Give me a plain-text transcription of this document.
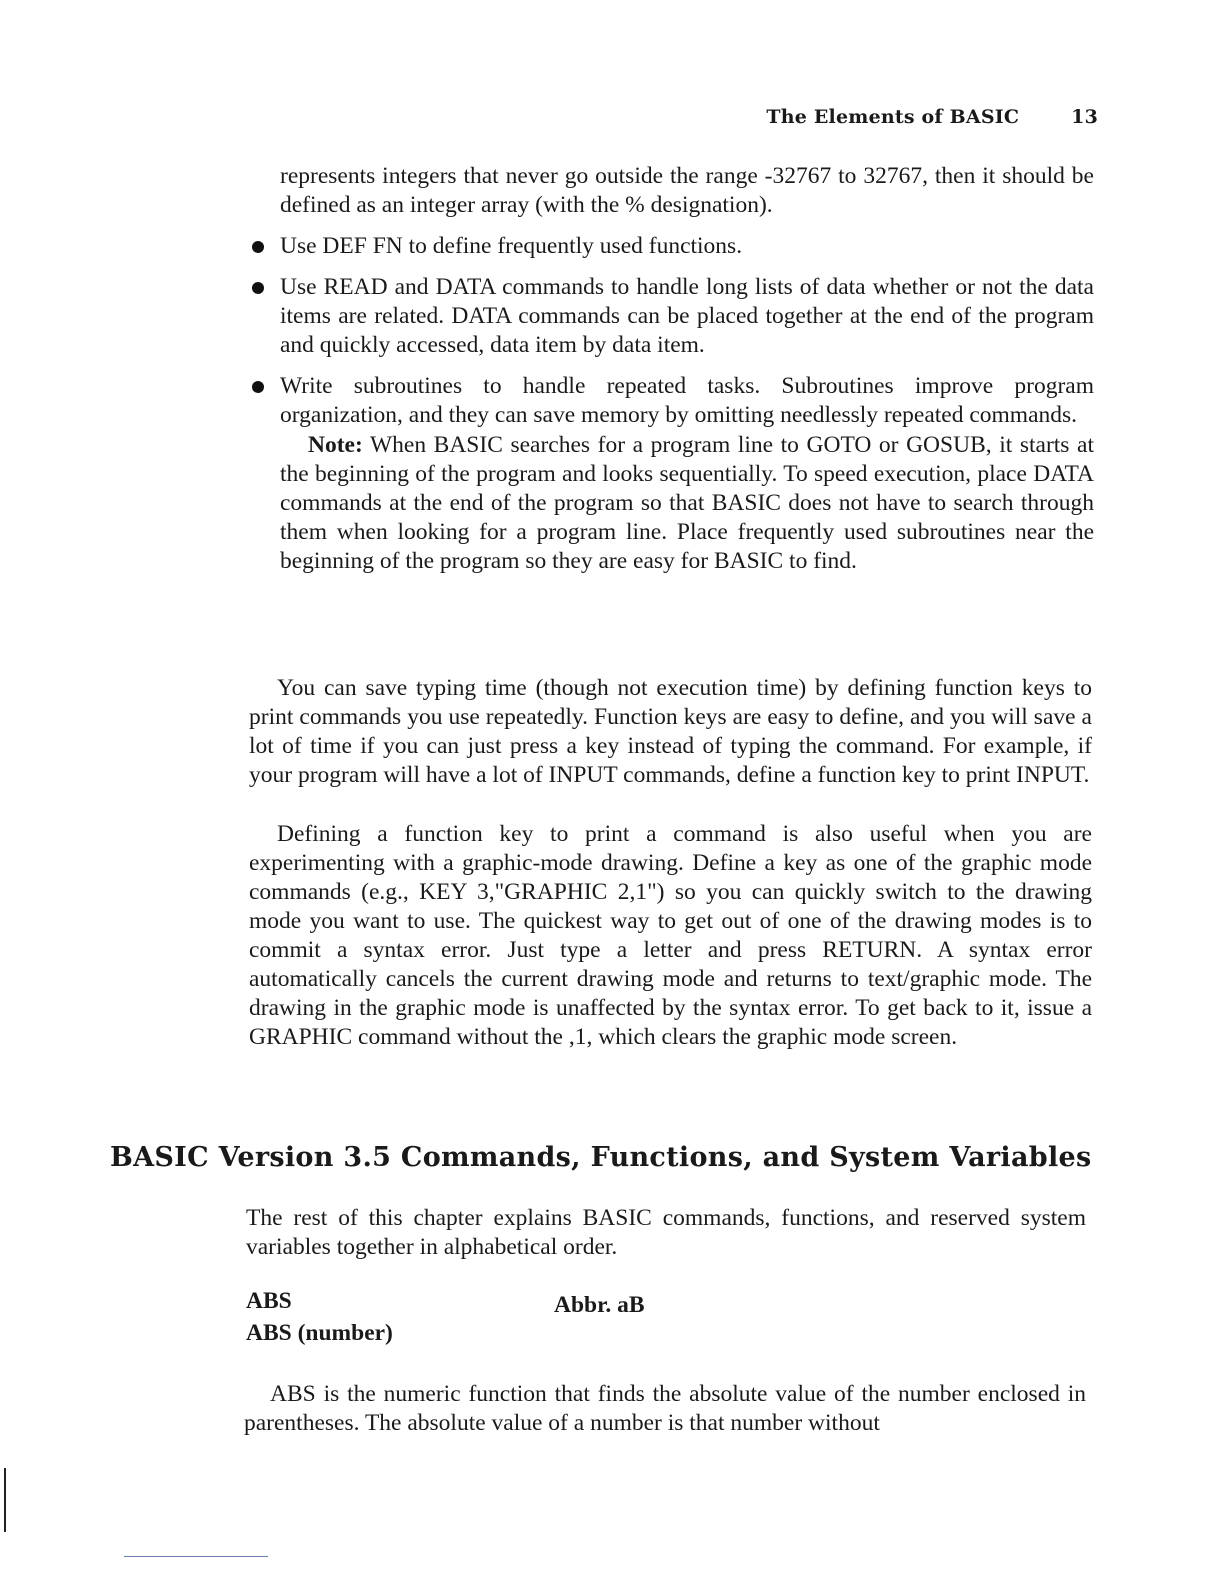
The Elements of BASIC	13
represents integers that never go outside the range -32767 to 32767, then it should be defined as an integer array (with the % designation).
Use DEF FN to define frequently used functions.
Use READ and DATA commands to handle long lists of data whether or not the data items are related. DATA commands can be placed together at the end of the program and quickly accessed, data item by data item.
Write subroutines to handle repeated tasks. Subroutines improve program organization, and they can save memory by omitting needlessly repeated commands.
Note: When BASIC searches for a program line to GOTO or GOSUB, it starts at the beginning of the program and looks sequentially. To speed execution, place DATA commands at the end of the program so that BASIC does not have to search through them when looking for a program line. Place frequently used subroutines near the beginning of the program so they are easy for BASIC to find.

You can save typing time (though not execution time) by defining function keys to print commands you use repeatedly. Function keys are easy to define, and you will save a lot of time if you can just press a key instead of typing the command. For example, if your program will have a lot of INPUT commands, define a function key to print INPUT.

Defining a function key to print a command is also useful when you are experimenting with a graphic-mode drawing. Define a key as one of the graphic mode commands (e.g., KEY 3,"GRAPHIC 2,1") so you can quickly switch to the drawing mode you want to use. The quickest way to get out of one of the drawing modes is to commit a syntax error. Just type a letter and press RETURN. A syntax error automatically cancels the current drawing mode and returns to text/graphic mode. The drawing in the graphic mode is unaffected by the syntax error. To get back to it, issue a GRAPHIC command without the ,1, which clears the graphic mode screen.

BASIC Version 3.5 Commands, Functions, and System Variables
The rest of this chapter explains BASIC commands, functions, and reserved system variables together in alphabetical order.
ABS	Abbr. aB
ABS (number)

ABS is the numeric function that finds the absolute value of the number enclosed in parentheses. The absolute value of a number is that number without
